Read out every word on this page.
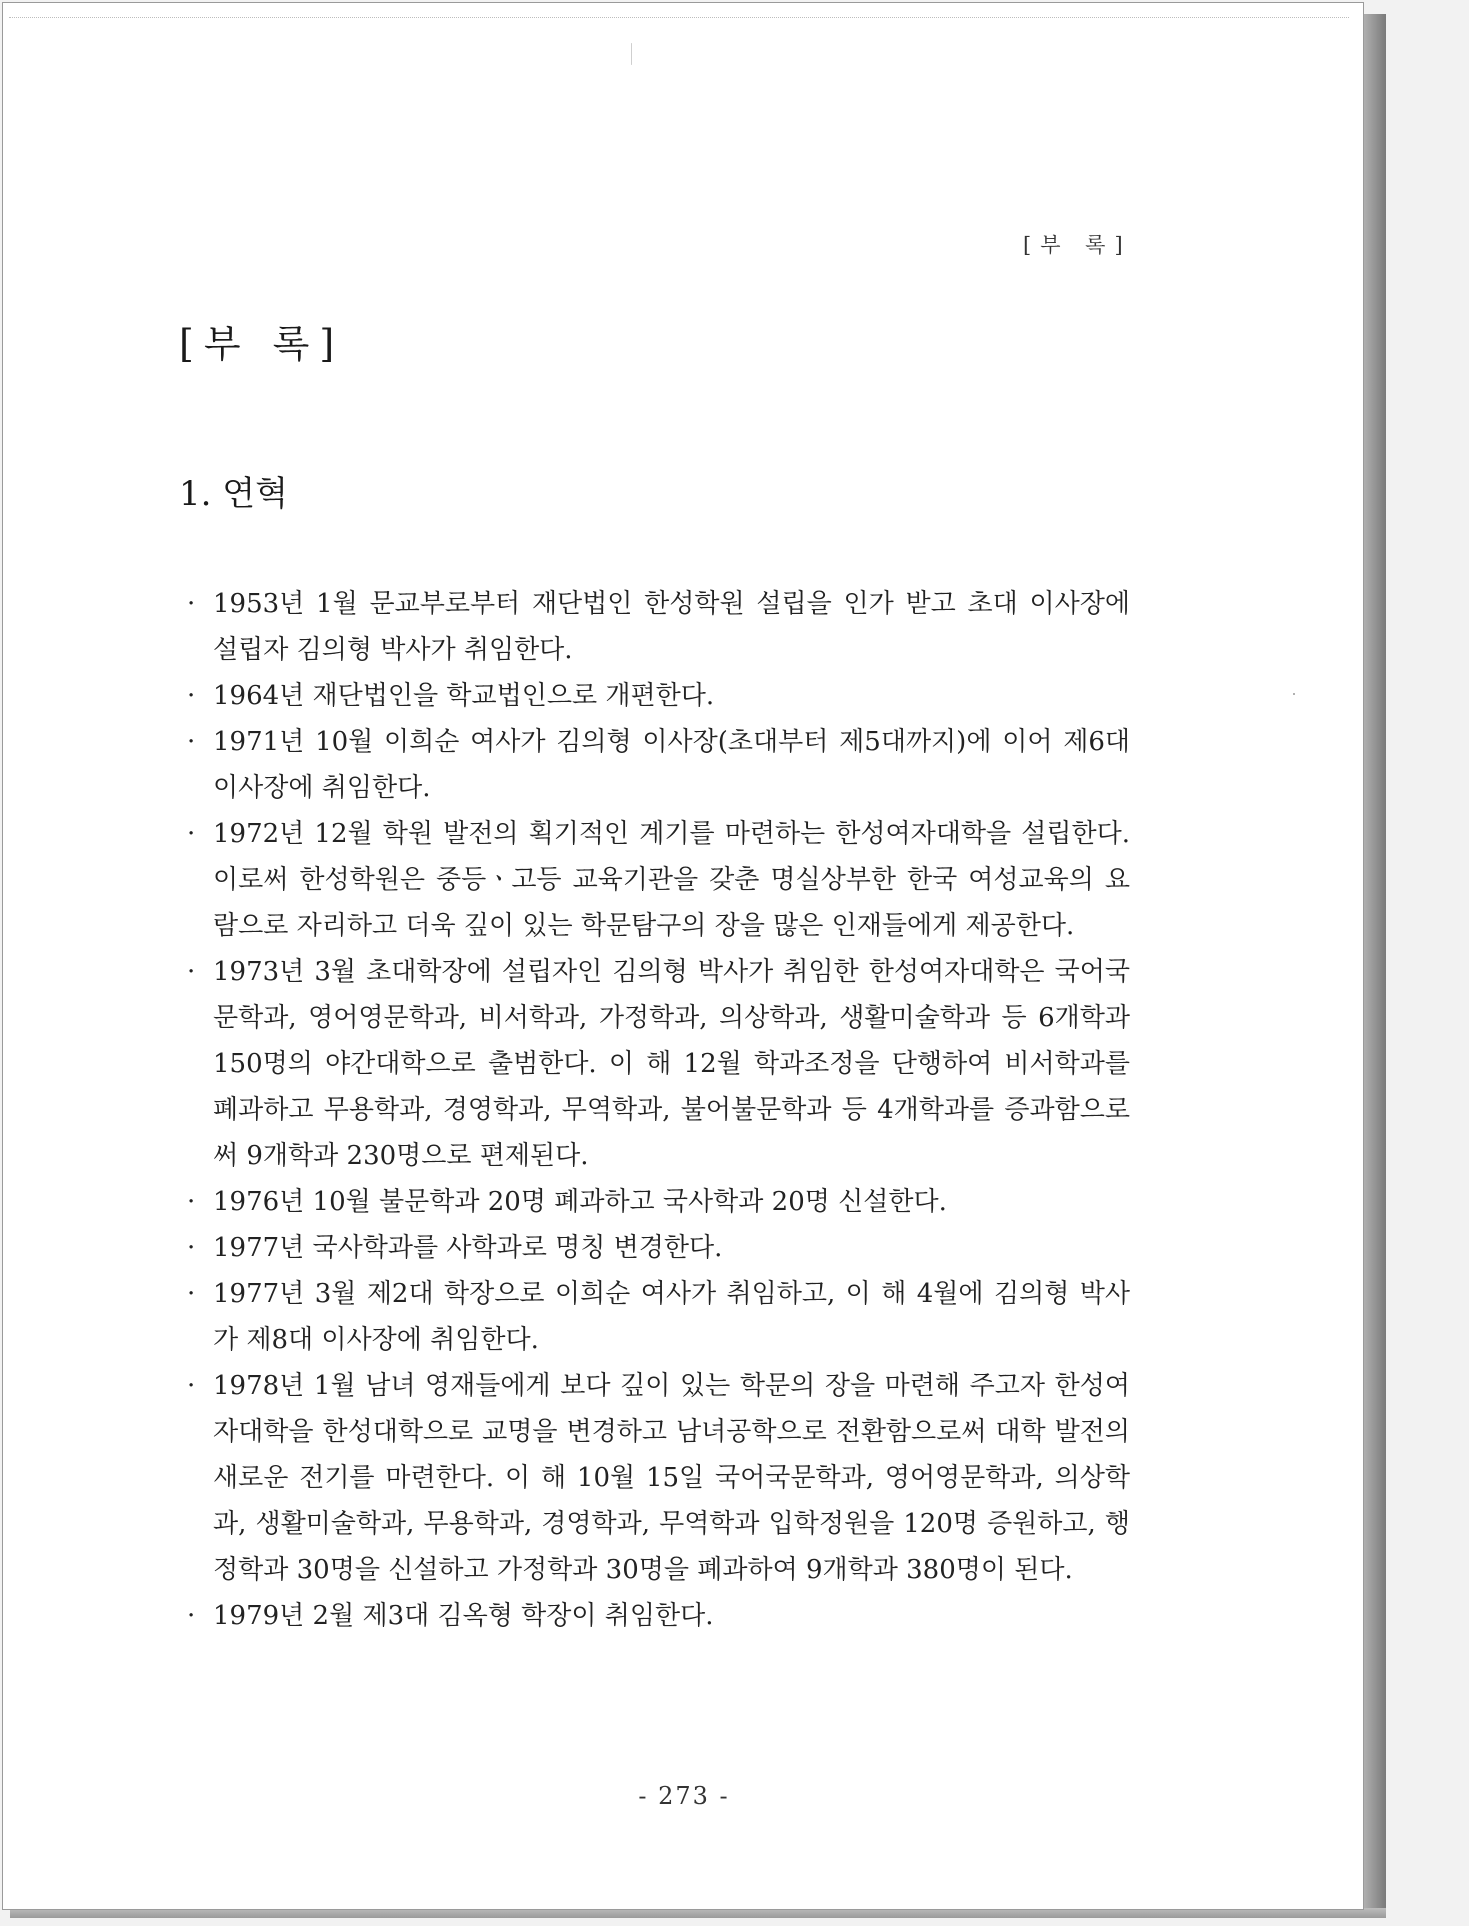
[부 록]
[부 록]
1. 연혁
· 1953년 1월 문교부로부터 재단법인 한성학원 설립을 인가 받고 초대 이사장에 설립자 김의형 박사가 취임한다.
· 1964년 재단법인을 학교법인으로 개편한다.
· 1971년 10월 이희순 여사가 김의형 이사장(초대부터 제5대까지)에 이어 제6대 이사장에 취임한다.
· 1972년 12월 학원 발전의 획기적인 계기를 마련하는 한성여자대학을 설립한다. 이로써 한성학원은 중등ㆍ고등 교육기관을 갖춘 명실상부한 한국 여성교육의 요람으로 자리하고 더욱 깊이 있는 학문탐구의 장을 많은 인재들에게 제공한다.
· 1973년 3월 초대학장에 설립자인 김의형 박사가 취임한 한성여자대학은 국어국문학과, 영어영문학과, 비서학과, 가정학과, 의상학과, 생활미술학과 등 6개학과 150명의 야간대학으로 출범한다. 이 해 12월 학과조정을 단행하여 비서학과를 폐과하고 무용학과, 경영학과, 무역학과, 불어불문학과 등 4개학과를 증과함으로써 9개학과 230명으로 편제된다.
· 1976년 10월 불문학과 20명 폐과하고 국사학과 20명 신설한다.
· 1977년 국사학과를 사학과로 명칭 변경한다.
· 1977년 3월 제2대 학장으로 이희순 여사가 취임하고, 이 해 4월에 김의형 박사가 제8대 이사장에 취임한다.
· 1978년 1월 남녀 영재들에게 보다 깊이 있는 학문의 장을 마련해 주고자 한성여자대학을 한성대학으로 교명을 변경하고 남녀공학으로 전환함으로써 대학 발전의 새로운 전기를 마련한다. 이 해 10월 15일 국어국문학과, 영어영문학과, 의상학과, 생활미술학과, 무용학과, 경영학과, 무역학과 입학정원을 120명 증원하고, 행정학과 30명을 신설하고 가정학과 30명을 폐과하여 9개학과 380명이 된다.
· 1979년 2월 제3대 김옥형 학장이 취임한다.
- 273 -
